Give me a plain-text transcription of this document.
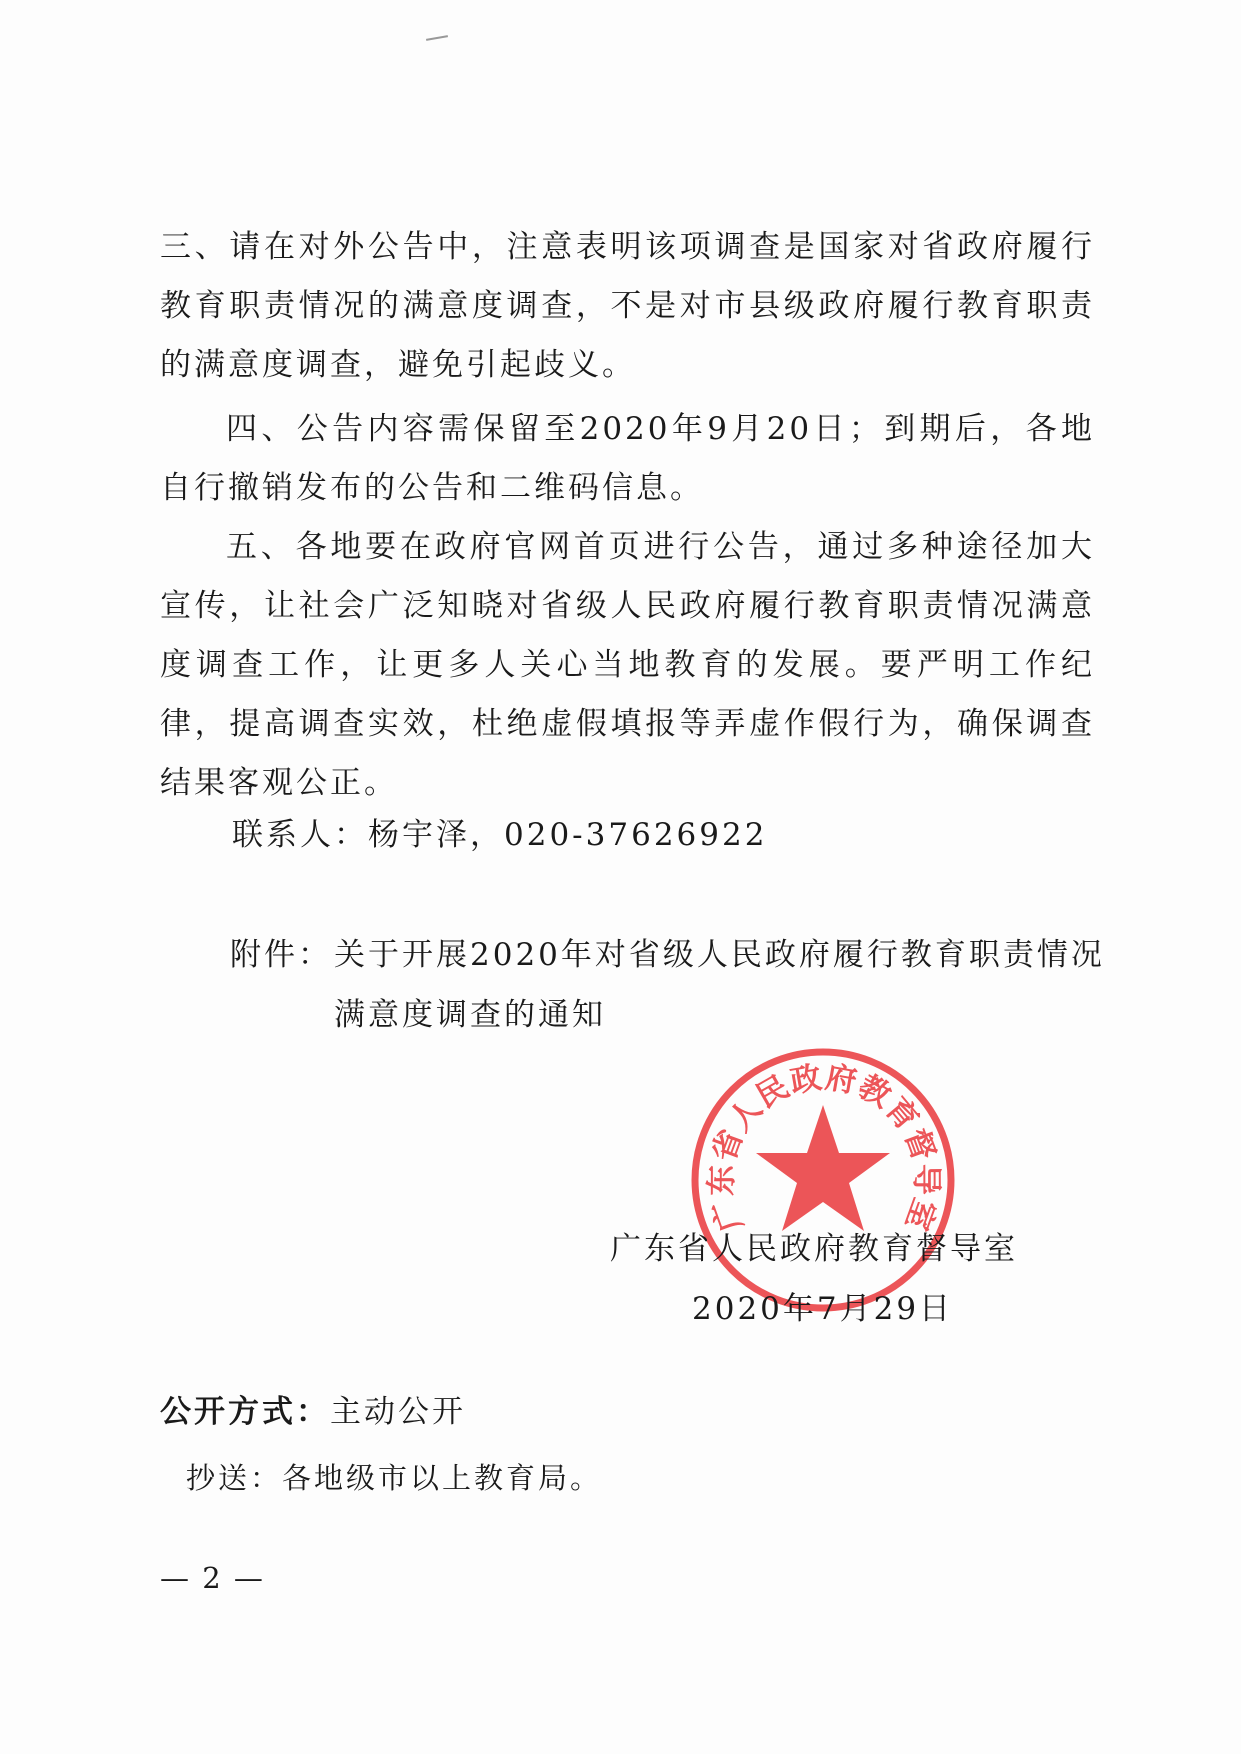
三、请在对外公告中，注意表明该项调查是国家对省政府履行教育职责情况的满意度调查，不是对市县级政府履行教育职责的满意度调查，避免引起歧义。

四、公告内容需保留至2020年9月20日；到期后，各地自行撤销发布的公告和二维码信息。

五、各地要在政府官网首页进行公告，通过多种途径加大宣传，让社会广泛知晓对省级人民政府履行教育职责情况满意度调查工作，让更多人关心当地教育的发展。要严明工作纪律，提高调查实效，杜绝虚假填报等弄虚作假行为，确保调查结果客观公正。

联系人：杨宇泽，020-37626922
附件： 关于开展2020年对省级人民政府履行教育职责情况满意度调查的通知
广东省人民政府教育督导室
广东省人民政府教育督导室
2020年7月29日
公开方式：主动公开
抄送：各地级市以上教育局。
— 2 —
